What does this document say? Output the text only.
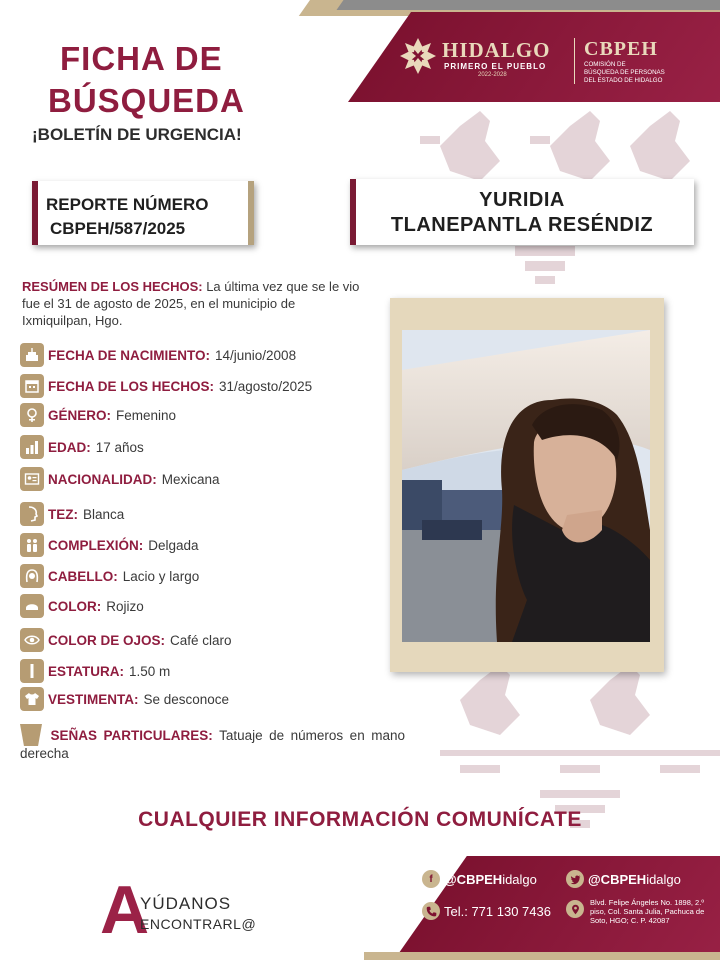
HIDALGO
PRIMERO EL PUEBLO
2022-2028
CBPEH
COMISIÓN DE
BÚSQUEDA DE PERSONAS
DEL ESTADO DE HIDALGO
FICHA DE
BÚSQUEDA
¡BOLETÍN DE URGENCIA!
REPORTE NÚMERO
CBPEH/587/2025
YURIDIA
TLANEPANTLA RESÉNDIZ
RESÚMEN DE LOS HECHOS: La última vez que se le vio fue el 31 de agosto de 2025, en el municipio de Ixmiquilpan, Hgo.
FECHA DE NACIMIENTO: 14/junio/2008
FECHA DE LOS HECHOS: 31/agosto/2025
GÉNERO: Femenino
EDAD: 17 años
NACIONALIDAD: Mexicana
TEZ: Blanca
COMPLEXIÓN: Delgada
CABELLO: Lacio y largo
COLOR: Rojizo
COLOR DE OJOS: Café claro
ESTATURA: 1.50 m
VESTIMENTA: Se desconoce
SEÑAS PARTICULARES: Tatuaje de números en mano derecha
CUALQUIER INFORMACIÓN COMUNÍCATE
A
YÚDANOS
ENCONTRARL@
f @CBPEH idalgo	@CBPEH idalgo
Tel.: 771 130 7436
Blvd. Felipe Ángeles No. 1898, 2.º piso, Col. Santa Julia, Pachuca de Soto, HGO; C. P. 42087
